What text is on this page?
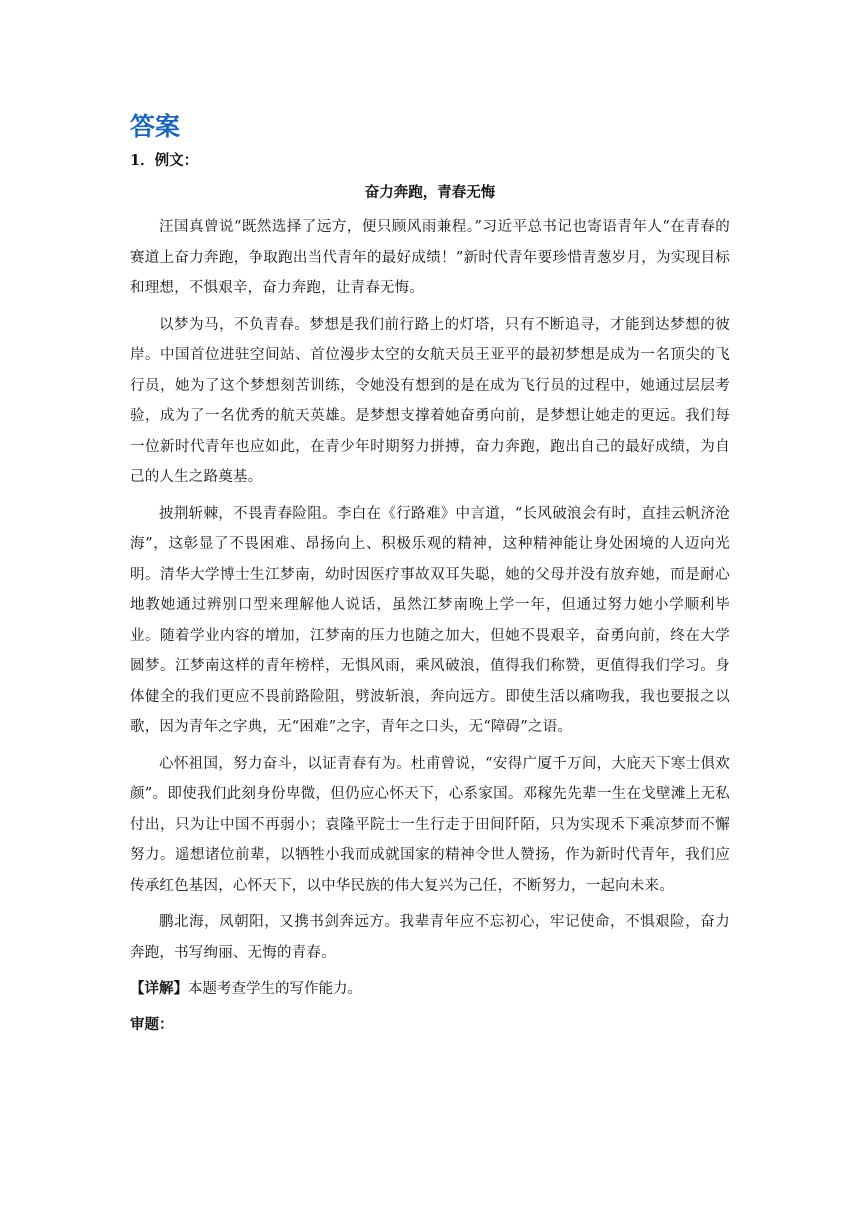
答案
1．例文：
奋力奔跑，青春无悔

汪国真曾说“既然选择了远方，便只顾风雨兼程。”习近平总书记也寄语青年人“在青春的赛道上奋力奔跑，争取跑出当代青年的最好成绩！”新时代青年要珍惜青葱岁月，为实现目标和理想，不惧艰辛，奋力奔跑，让青春无悔。

以梦为马，不负青春。梦想是我们前行路上的灯塔，只有不断追寻，才能到达梦想的彼岸。中国首位进驻空间站、首位漫步太空的女航天员王亚平的最初梦想是成为一名顶尖的飞行员，她为了这个梦想刻苦训练，令她没有想到的是在成为飞行员的过程中，她通过层层考验，成为了一名优秀的航天英雄。是梦想支撑着她奋勇向前，是梦想让她走的更远。我们每一位新时代青年也应如此，在青少年时期努力拼搏，奋力奔跑，跑出自己的最好成绩，为自己的人生之路奠基。

披荆斩棘，不畏青春险阻。李白在《行路难》中言道，“长风破浪会有时，直挂云帆济沧海”，这彰显了不畏困难、昂扬向上、积极乐观的精神，这种精神能让身处困境的人迈向光明。清华大学博士生江梦南，幼时因医疗事故双耳失聪，她的父母并没有放弃她，而是耐心地教她通过辨别口型来理解他人说话，虽然江梦南晚上学一年，但通过努力她小学顺利毕业。随着学业内容的增加，江梦南的压力也随之加大，但她不畏艰辛，奋勇向前，终在大学圆梦。江梦南这样的青年榜样，无惧风雨，乘风破浪，值得我们称赞，更值得我们学习。身体健全的我们更应不畏前路险阻，劈波斩浪，奔向远方。即使生活以痛吻我，我也要报之以歌，因为青年之字典，无“困难”之字，青年之口头，无“障碍”之语。

心怀祖国，努力奋斗，以证青春有为。杜甫曾说，“安得广厦千万间，大庇天下寒士俱欢颜”。即使我们此刻身份卑微，但仍应心怀天下，心系家国。邓稼先先辈一生在戈壁滩上无私付出，只为让中国不再弱小；袁隆平院士一生行走于田间阡陌，只为实现禾下乘凉梦而不懈努力。遥想诸位前辈，以牺牲小我而成就国家的精神令世人赞扬，作为新时代青年，我们应传承红色基因，心怀天下，以中华民族的伟大复兴为己任，不断努力，一起向未来。

鹏北海，凤朝阳，又携书剑奔远方。我辈青年应不忘初心，牢记使命，不惧艰险，奋力奔跑，书写绚丽、无悔的青春。

【详解】本题考查学生的写作能力。
审题：
